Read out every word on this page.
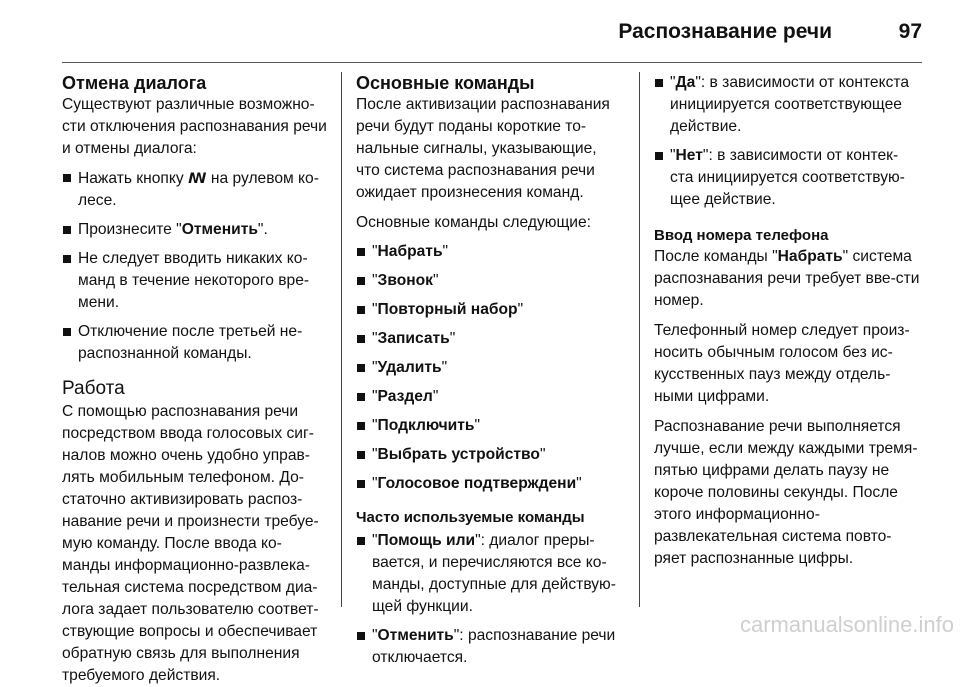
Распознавание речи	97
Отмена диалога

Существуют различные возможно-сти отключения распознавания речи и отмены диалога:

Нажать кнопку ꟿ на рулевом ко-лесе.
Произнесите "Отменить".
Не следует вводить никаких ко-манд в течение некоторого вре-мени.
Отключение после третьей не-распознанной команды.
Работа

С помощью распознавания речи посредством ввода голосовых сиг-налов можно очень удобно управ-лять мобильным телефоном. До-статочно активизировать распоз-навание речи и произнести требуе-мую команду. После ввода ко-манды информационно-развлека-тельная система посредством диа-лога задает пользователю соответ-ствующие вопросы и обеспечивает обратную связь для выполнения требуемого действия.

Основные команды

После активизации распознавания речи будут поданы короткие то-нальные сигналы, указывающие, что система распознавания речи ожидает произнесения команд.

Основные команды следующие:

"Набрать"
"Звонок"
"Повторный набор"
"Записать"
"Удалить"
"Раздел"
"Подключить"
"Выбрать устройство"
"Голосовое подтверждени"
Часто используемые команды
"Помощь или": диалог преры-вается, и перечисляются все ко-манды, доступные для действую-щей функции.
"Отменить": распознавание речи отключается.
"Да": в зависимости от контекста инициируется соответствующее действие.
"Нет": в зависимости от контек-ста инициируется соответствую-щее действие.
Ввод номера телефона

После команды "Набрать" система распознавания речи требует вве-сти номер.

Телефонный номер следует произ-носить обычным голосом без ис-кусственных пауз между отдель-ными цифрами.

Распознавание речи выполняется лучше, если между каждыми тремя-пятью цифрами делать паузу не короче половины секунды. После этого информационно-развлекательная система повто-ряет распознанные цифры.

carmanualsonline.info
